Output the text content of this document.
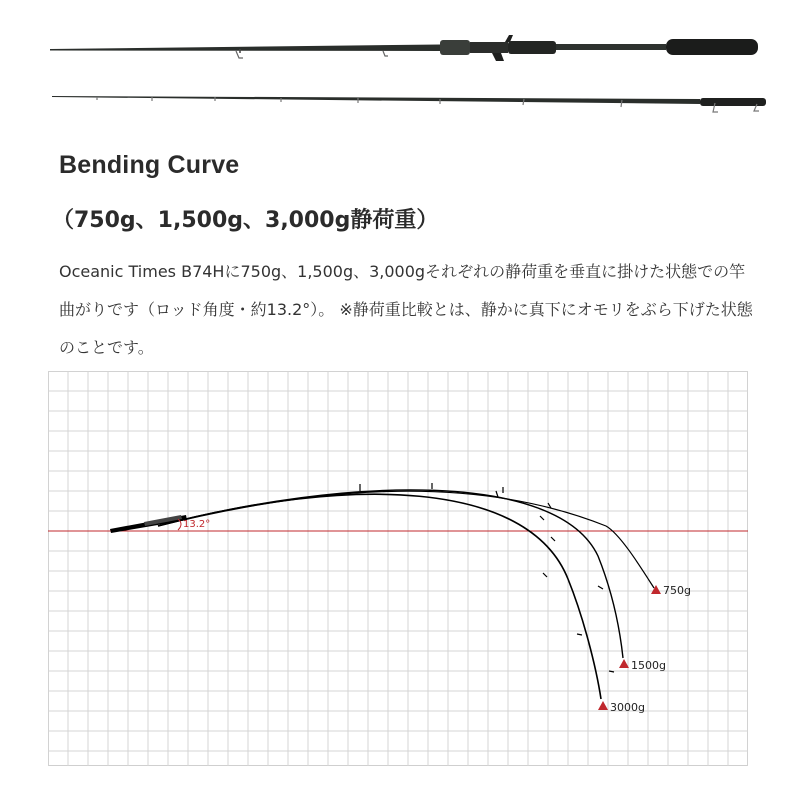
Bending Curve
（750g、1,500g、3,000g静荷重）

Oceanic Times B74Hに750g、1,500g、3,000gそれぞれの静荷重を垂直に掛けた状態での竿曲がりです（ロッド角度・約13.2°）。 ※静荷重比較とは、静かに真下にオモリをぶら下げた状態のことです。

13.2°
750g
1500g
3000g
